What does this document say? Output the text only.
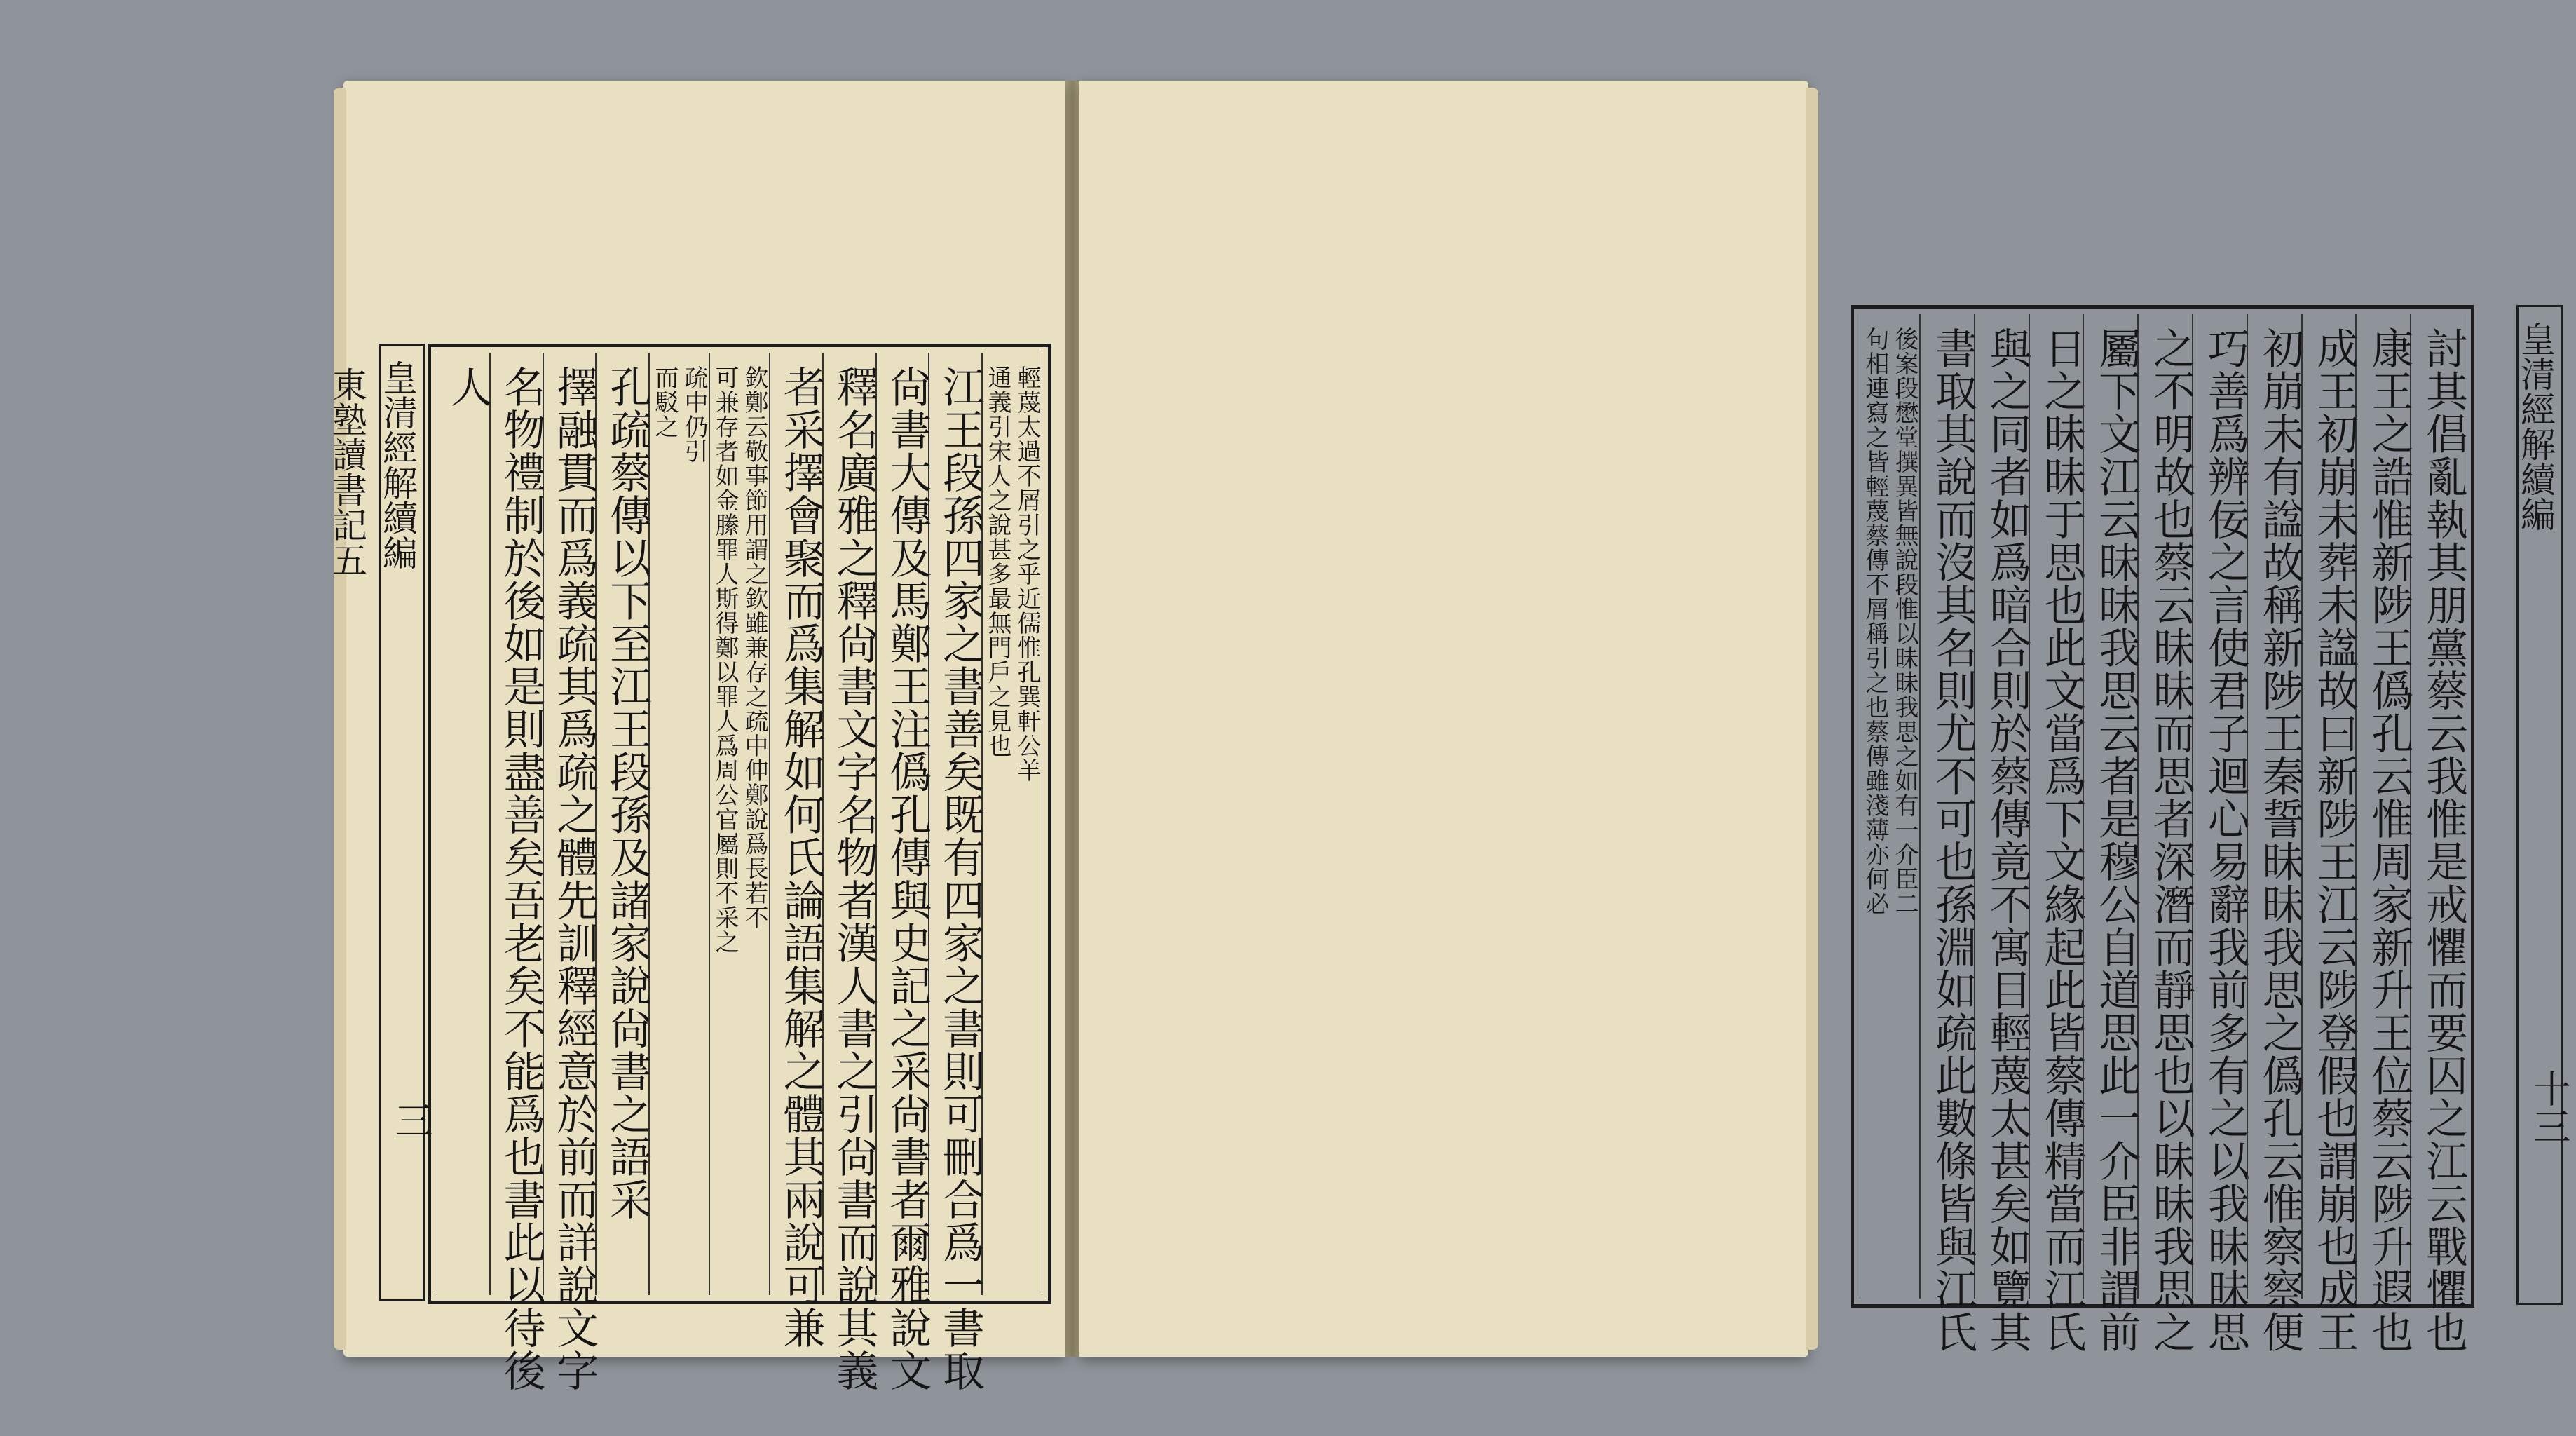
皇清經解續編
東塾讀書記五
三
輕蔑太過不屑引之乎近儒惟孔巽軒公羊
通義引宋人之說甚多最無門戶之見也
江王段孫四家之書善矣既有四家之書則可刪合爲一書取
尙書大傳及馬鄭王注僞孔傳與史記之采尙書者爾雅說文
釋名廣雅之釋尙書文字名物者漢人書之引尙書而說其義
者采擇會聚而爲集解如何氏論語集解之體其兩說可兼
欽鄭云敬事節用謂之欽雖兼存之疏中伸鄭說爲長若不
可兼存者如金縢罪人斯得鄭以罪人爲周公官屬則不采之
疏中仍引
而駁之
孔疏蔡傳以下至江王段孫及諸家說尙書之語采
擇融貫而爲義疏其爲疏之體先訓釋經意於前而詳說文字
名物禮制於後如是則盡善矣吾老矣不能爲也書此以待後
人	皇清經解續編
十三
討其倡亂執其朋黨蔡云我惟是戒懼而要囚之江云戰懼也
康王之誥惟新陟王僞孔云惟周家新升王位蔡云陟升遐也
成王初崩未葬未諡故曰新陟王江云陟登假也謂崩也成王
初崩未有諡故稱新陟王秦誓昧昧我思之僞孔云惟察察便
巧善爲辨佞之言使君子迴心易辭我前多有之以我昧昧思
之不明故也蔡云昧昧而思者深潛而靜思也以昧昧我思之
屬下文江云昧昧我思云者是穆公自道思此一介臣非謂前
日之昧昧于思也此文當爲下文緣起此皆蔡傳精當而江氏
與之同者如爲暗合則於蔡傳竟不寓目輕蔑太甚矣如覽其
書取其說而沒其名則尤不可也孫淵如疏此數條皆與江氏
後案段懋堂撰異皆無說段惟以昧昧我思之如有一介臣二
句相連寫之皆輕蔑蔡傳不屑稱引之也蔡傳雖淺薄亦何必
